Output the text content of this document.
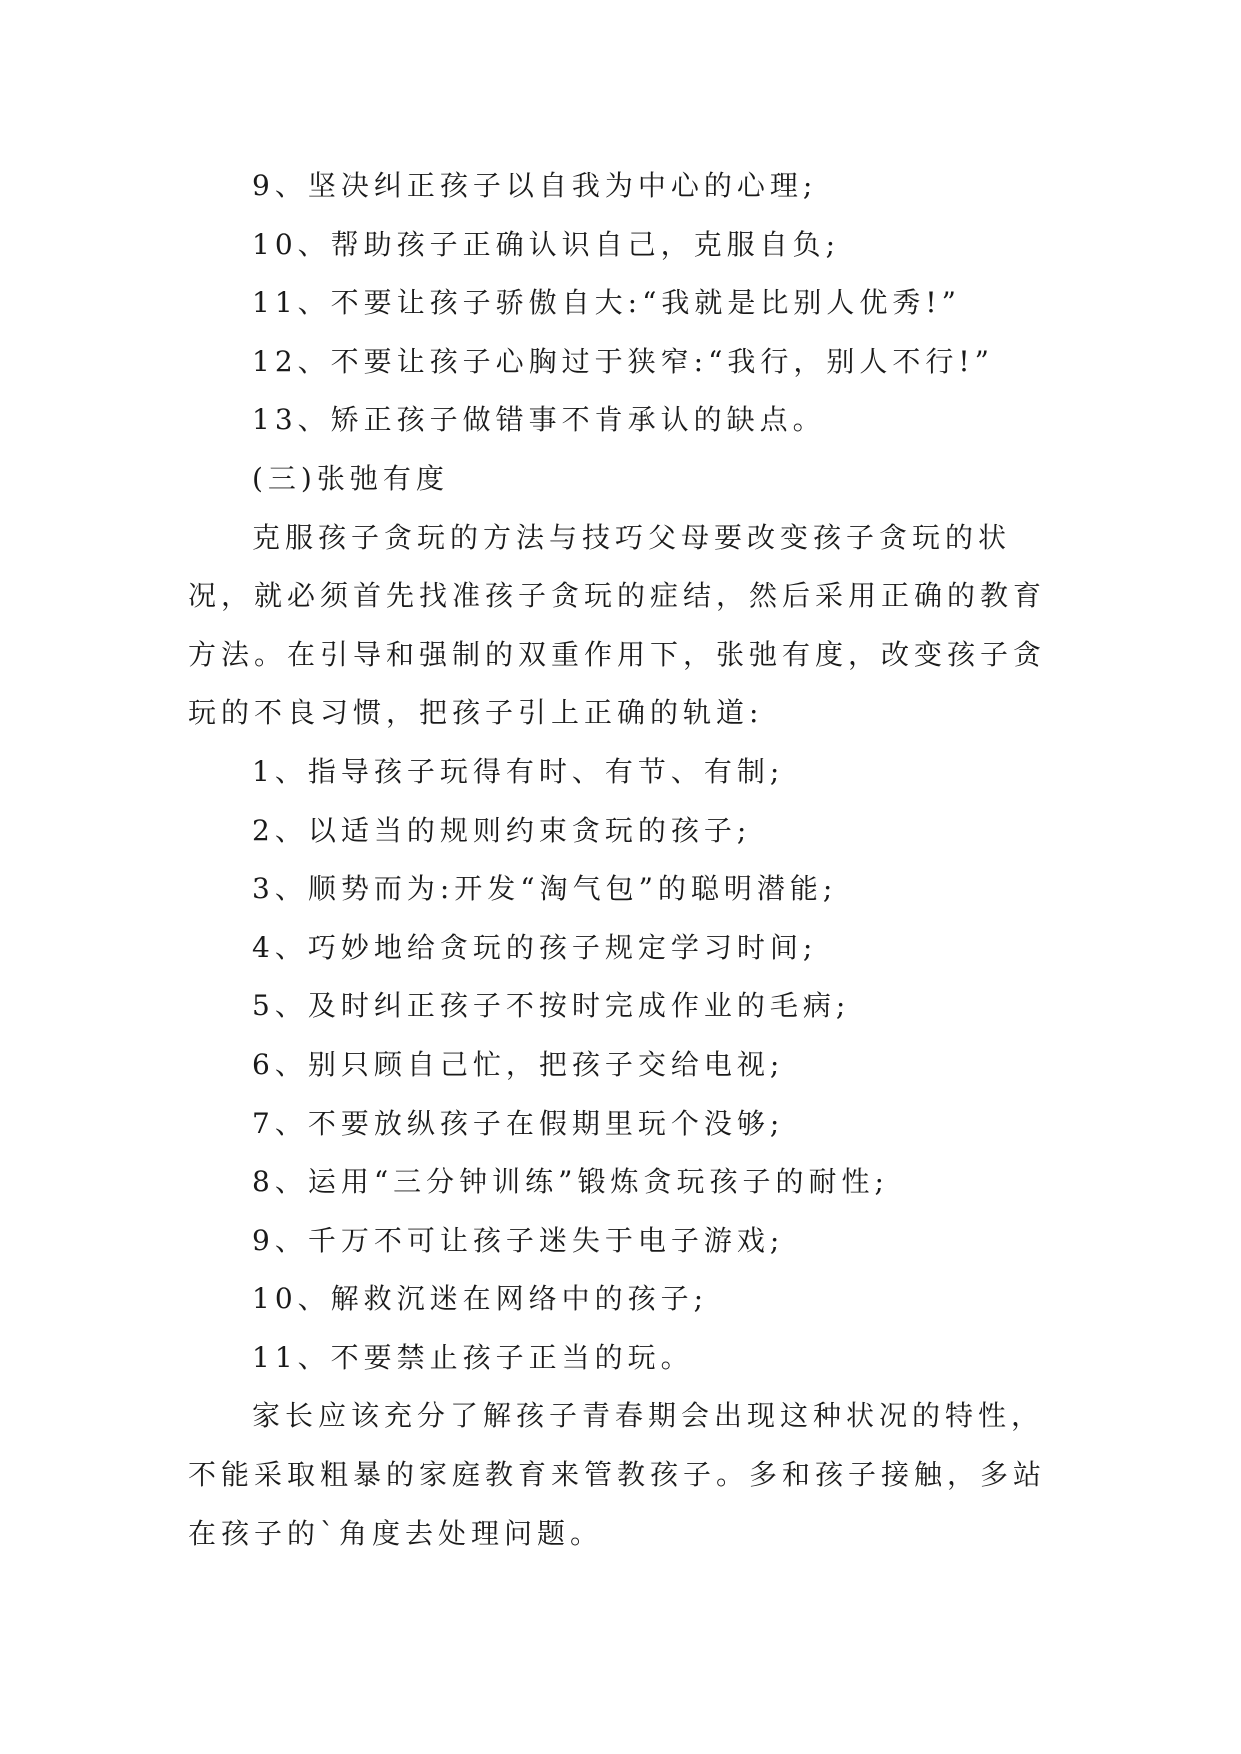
9、坚决纠正孩子以自我为中心的心理;
10、帮助孩子正确认识自己，克服自负;
11、不要让孩子骄傲自大:“我就是比别人优秀!”
12、不要让孩子心胸过于狭窄:“我行，别人不行!”
13、矫正孩子做错事不肯承认的缺点。
(三)张弛有度
克服孩子贪玩的方法与技巧父母要改变孩子贪玩的状
况，就必须首先找准孩子贪玩的症结，然后采用正确的教育
方法。在引导和强制的双重作用下，张弛有度，改变孩子贪
玩的不良习惯，把孩子引上正确的轨道:
1、指导孩子玩得有时、有节、有制;
2、以适当的规则约束贪玩的孩子;
3、顺势而为:开发“淘气包”的聪明潜能;
4、巧妙地给贪玩的孩子规定学习时间;
5、及时纠正孩子不按时完成作业的毛病;
6、别只顾自己忙，把孩子交给电视;
7、不要放纵孩子在假期里玩个没够;
8、运用“三分钟训练”锻炼贪玩孩子的耐性;
9、千万不可让孩子迷失于电子游戏;
10、解救沉迷在网络中的孩子;
11、不要禁止孩子正当的玩。
家长应该充分了解孩子青春期会出现这种状况的特性，
不能采取粗暴的家庭教育来管教孩子。多和孩子接触，多站
在孩子的`角度去处理问题。
